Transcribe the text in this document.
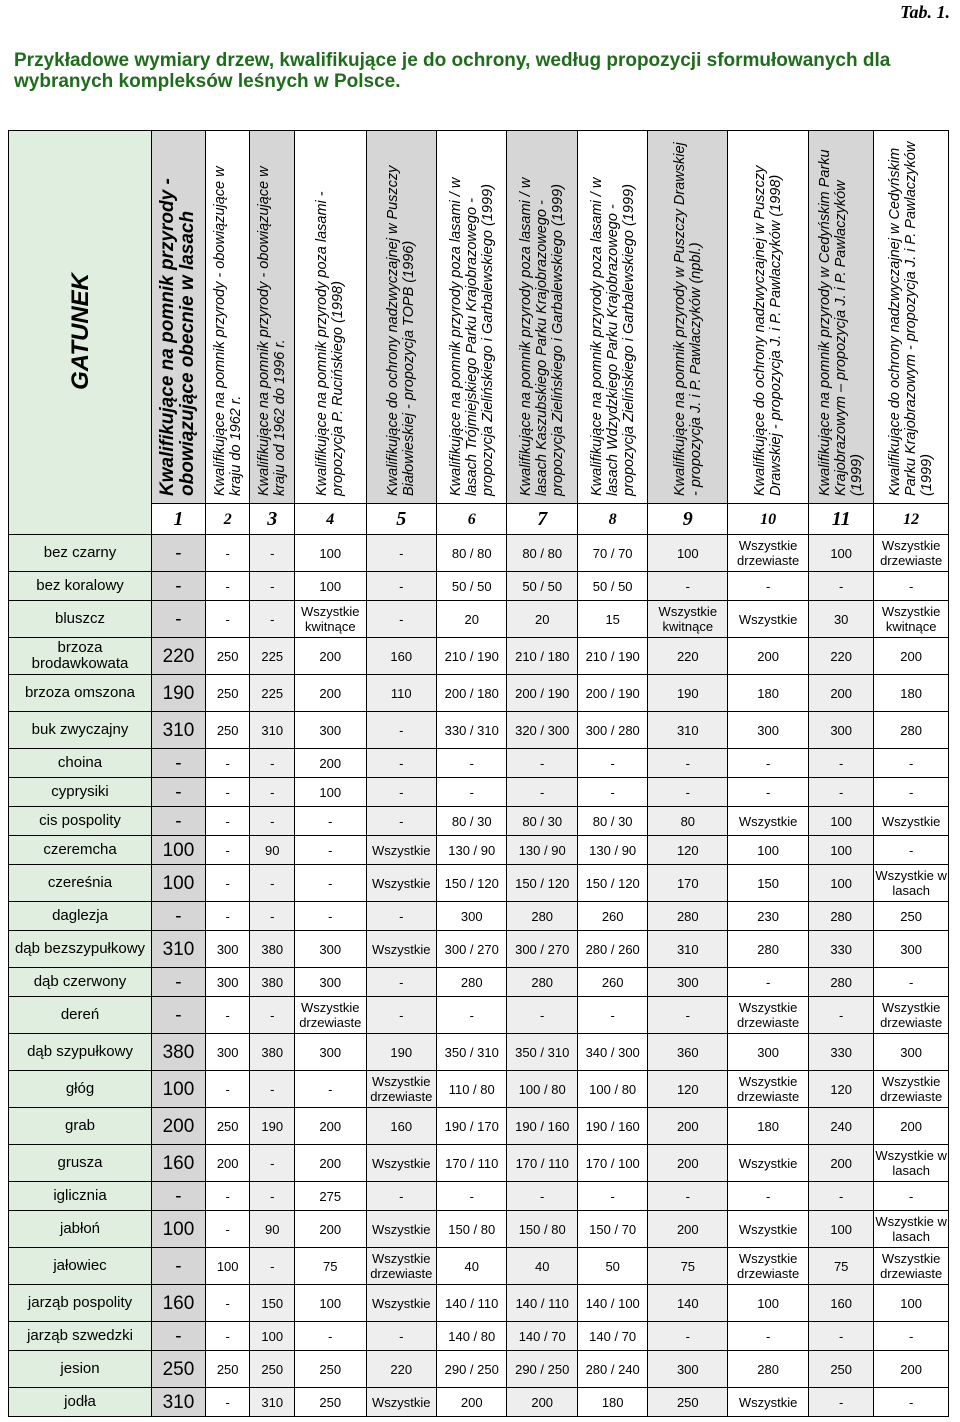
Tab. 1.
Przykładowe wymiary drzew, kwalifikujące je do ochrony, według propozycji sformułowanych dla wybranych kompleksów leśnych w Polsce.
GATUNEK	Kwalifikujące na pomnik przyrody - obowiązujące obecnie w lasach	Kwalifikujące na pomnik przyrody - obowiązujące w kraju do 1962 r.	Kwalifikujące na pomnik przyrody - obowiązujące w kraju od 1962 do 1996 r.	Kwalifikujące na pomnik przyrody poza lasami - propozycja P. Rucińskiego (1998)	Kwalifikujące do ochrony nadzwyczajnej w Puszczy Białowieskiej - propozycja TOPB (1996)	Kwalifikujące na pomnik przyrody poza lasami / w lasach Trójmiejskiego Parku Krajobrazowego - propozycja Zielińskiego i Garbalewskiego (1999)	Kwalifikujące na pomnik przyrody poza lasami / w lasach Kaszubskiego Parku Krajobrazowego - propozycja Zielińskiego i Garbalewskiego (1999)	Kwalifikujące na pomnik przyrody poza lasami / w lasach Wdzydzkiego Parku Krajobrazowego - propozycja Zielińskiego i Garbalewskiego (1999)	Kwalifikujące na pomnik przyrody w Puszczy Drawskiej - propozycja J. i P. Pawlaczyków (npbl.)	Kwalifikujące do ochrony nadzwyczajnej w Puszczy Drawskiej - propozycja J. i P. Pawlaczyków (1998)	Kwalifikujące na pomnik przyrody w Cedyńskim Parku Krajobrazowym – propozycja J. i P. Pawlaczyków (1999)	Kwalifikujące do ochrony nadzwyczajnej w Cedyńskim Parku Krajobrazowym - propozycja J. i P. Pawlaczyków (1999)
	1	2	3	4	5	6	7	8	9	10	11	12
bez czarny	-	-	-	100	-	80 / 80	80 / 80	70 / 70	100	Wszystkie drzewiaste	100	Wszystkie drzewiaste
bez koralowy	-	-	-	100	-	50 / 50	50 / 50	50 / 50	-	-	-	-
bluszcz	-	-	-	Wszystkie kwitnące	-	20	20	15	Wszystkie kwitnące	Wszystkie	30	Wszystkie kwitnące
brzoza brodawkowata	220	250	225	200	160	210 / 190	210 / 180	210 / 190	220	200	220	200
brzoza omszona	190	250	225	200	110	200 / 180	200 / 190	200 / 190	190	180	200	180
buk zwyczajny	310	250	310	300	-	330 / 310	320 / 300	300 / 280	310	300	300	280
choina	-	-	-	200	-	-	-	-	-	-	-	-
cyprysiki	-	-	-	100	-	-	-	-	-	-	-	-
cis pospolity	-	-	-	-	-	80 / 30	80 / 30	80 / 30	80	Wszystkie	100	Wszystkie
czeremcha	100	-	90	-	Wszystkie	130 / 90	130 / 90	130 / 90	120	100	100	-
czereśnia	100	-	-	-	Wszystkie	150 / 120	150 / 120	150 / 120	170	150	100	Wszystkie w lasach
daglezja	-	-	-	-	-	300	280	260	280	230	280	250
dąb bezszypułkowy	310	300	380	300	Wszystkie	300 / 270	300 / 270	280 / 260	310	280	330	300
dąb czerwony	-	300	380	300	-	280	280	260	300	-	280	-
dereń	-	-	-	Wszystkie drzewiaste	-	-	-	-	-	Wszystkie drzewiaste	-	Wszystkie drzewiaste
dąb szypułkowy	380	300	380	300	190	350 / 310	350 / 310	340 / 300	360	300	330	300
głóg	100	-	-	-	Wszystkie drzewiaste	110 / 80	100 / 80	100 / 80	120	Wszystkie drzewiaste	120	Wszystkie drzewiaste
grab	200	250	190	200	160	190 / 170	190 / 160	190 / 160	200	180	240	200
grusza	160	200	-	200	Wszystkie	170 / 110	170 / 110	170 / 100	200	Wszystkie	200	Wszystkie w lasach
iglicznia	-	-	-	275	-	-	-	-	-	-	-	-
jabłoń	100	-	90	200	Wszystkie	150 / 80	150 / 80	150 / 70	200	Wszystkie	100	Wszystkie w lasach
jałowiec	-	100	-	75	Wszystkie drzewiaste	40	40	50	75	Wszystkie drzewiaste	75	Wszystkie drzewiaste
jarząb pospolity	160	-	150	100	Wszystkie	140 / 110	140 / 110	140 / 100	140	100	160	100
jarząb szwedzki	-	-	100	-	-	140 / 80	140 / 70	140 / 70	-	-	-	-
jesion	250	250	250	250	220	290 / 250	290 / 250	280 / 240	300	280	250	200
jodła	310	-	310	250	Wszystkie	200	200	180	250	Wszystkie	-	-
